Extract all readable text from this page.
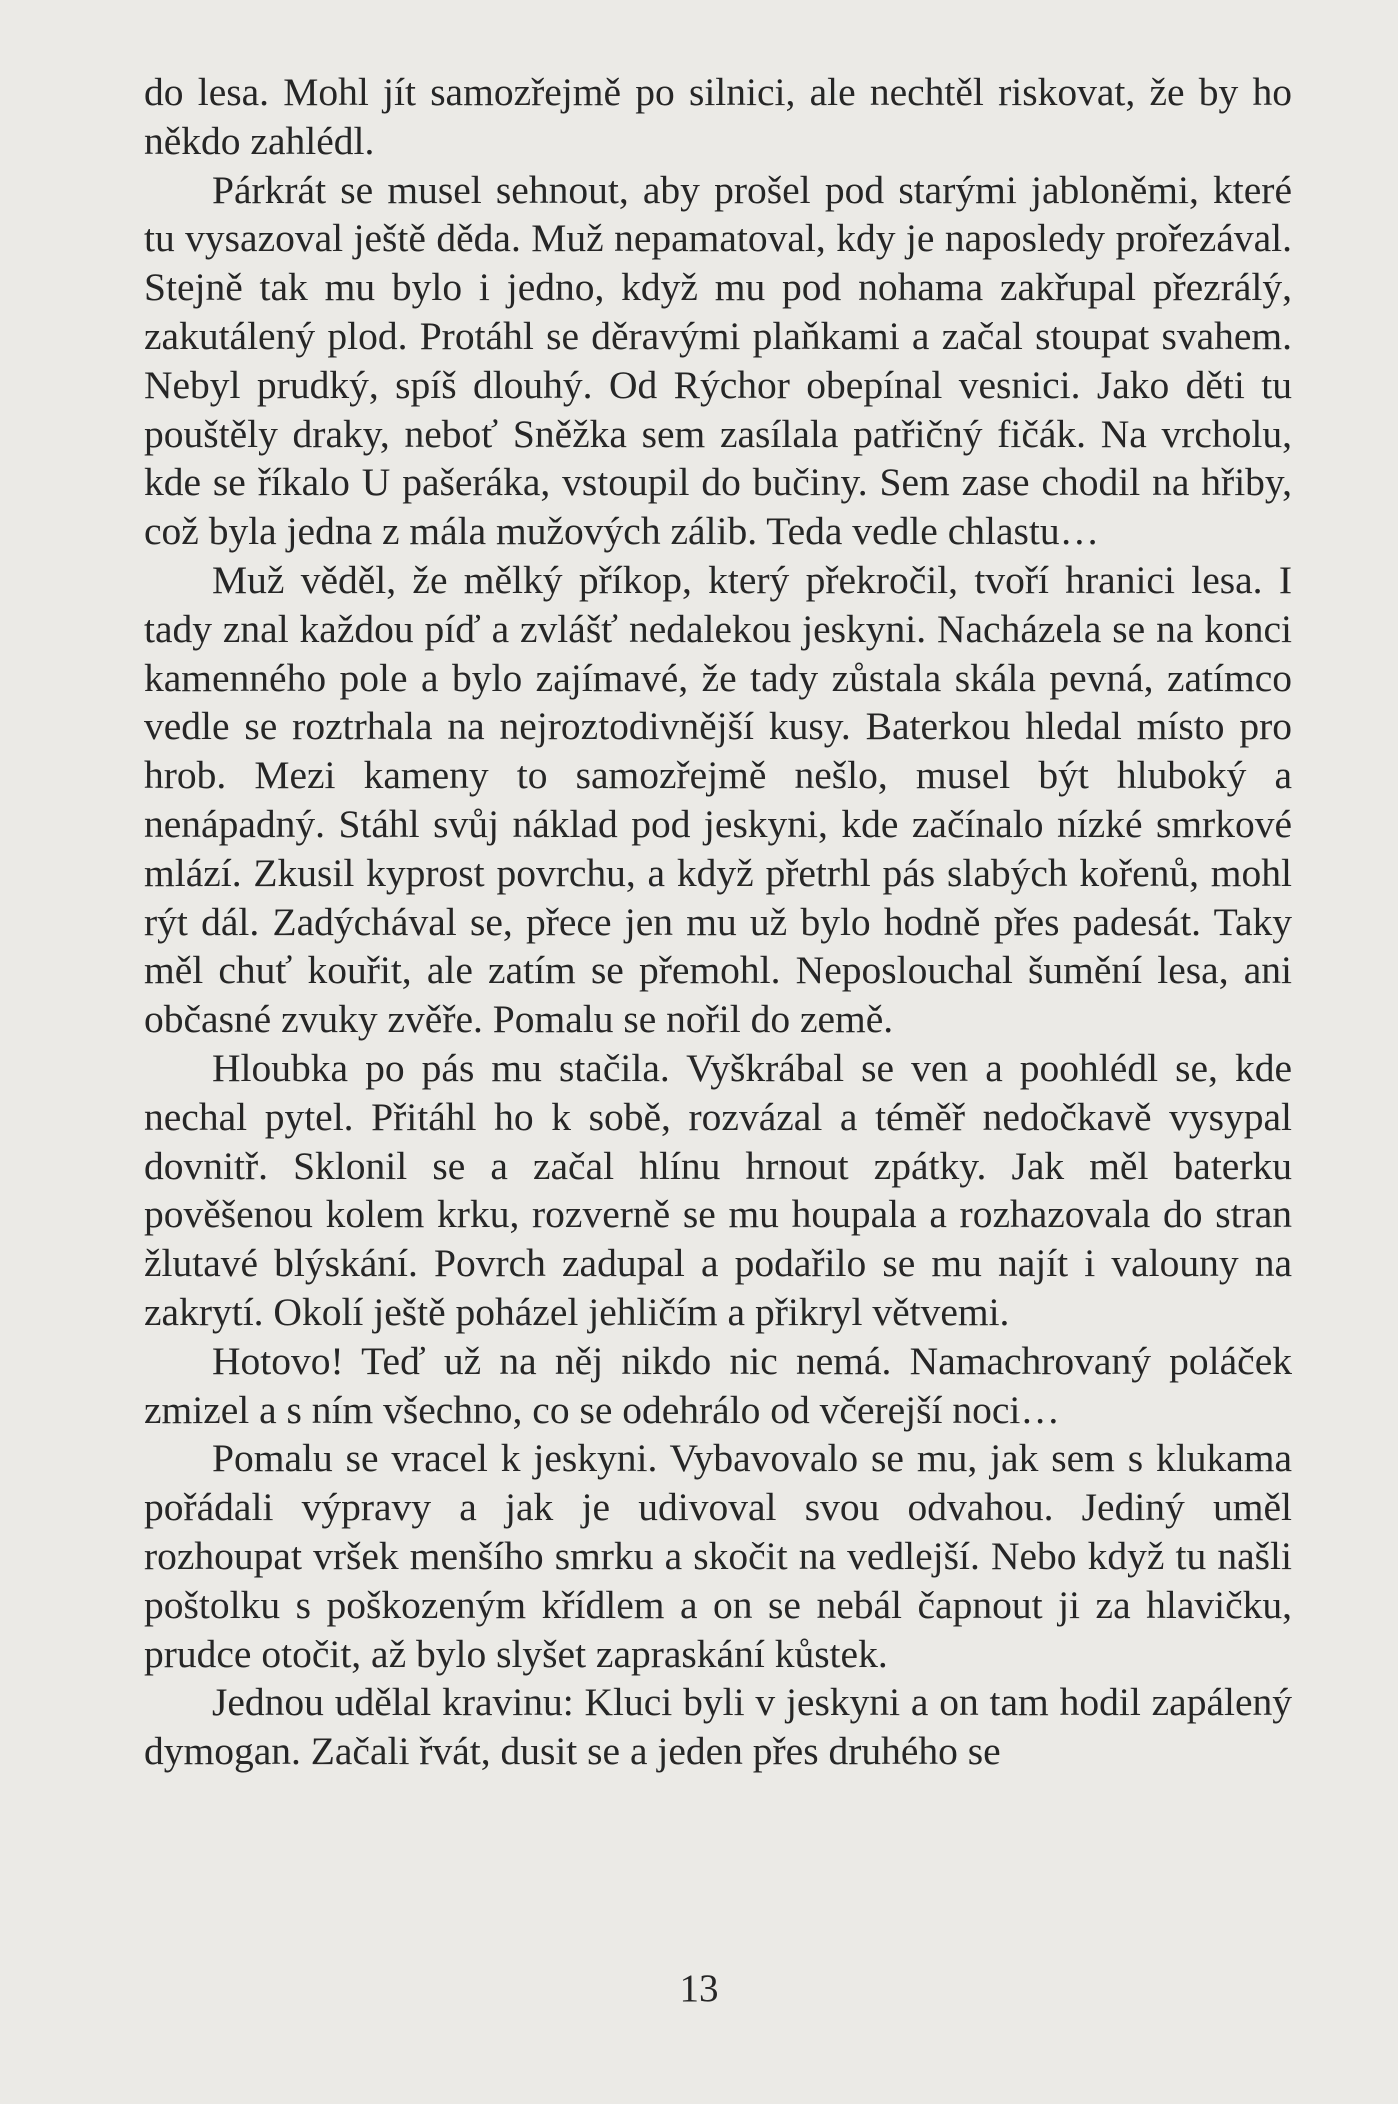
do lesa. Mohl jít samozřejmě po silnici, ale nechtěl riskovat, že by ho někdo zahlédl.

Párkrát se musel sehnout, aby prošel pod starými jabloněmi, které tu vysazoval ještě děda. Muž nepamatoval, kdy je naposledy prořezával. Stejně tak mu bylo i jedno, když mu pod nohama zakřupal přezrálý, zakutálený plod. Protáhl se děravými plaňkami a začal stoupat svahem. Nebyl prudký, spíš dlouhý. Od Rýchor obepínal vesnici. Jako děti tu pouštěly draky, neboť Sněžka sem zasílala patřičný fičák. Na vrcholu, kde se říkalo U pašeráka, vstoupil do bučiny. Sem zase chodil na hřiby, což byla jedna z mála mužových zálib. Teda vedle chlastu…

Muž věděl, že mělký příkop, který překročil, tvoří hranici lesa. I tady znal každou píď a zvlášť nedalekou jeskyni. Nacházela se na konci kamenného pole a bylo zajímavé, že tady zůstala skála pevná, zatímco vedle se roztrhala na nejroztodivnější kusy. Baterkou hledal místo pro hrob. Mezi kameny to samozřejmě nešlo, musel být hluboký a nenápadný. Stáhl svůj náklad pod jeskyni, kde začínalo nízké smrkové mlází. Zkusil kyprost povrchu, a když přetrhl pás slabých kořenů, mohl rýt dál. Zadýchával se, přece jen mu už bylo hodně přes padesát. Taky měl chuť kouřit, ale zatím se přemohl. Neposlouchal šumění lesa, ani občasné zvuky zvěře. Pomalu se nořil do země.

Hloubka po pás mu stačila. Vyškrábal se ven a poohlédl se, kde nechal pytel. Přitáhl ho k sobě, rozvázal a téměř nedočkavě vysypal dovnitř. Sklonil se a začal hlínu hrnout zpátky. Jak měl baterku pověšenou kolem krku, rozverně se mu houpala a rozhazovala do stran žlutavé blýskání. Povrch zadupal a podařilo se mu najít i valouny na zakrytí. Okolí ještě poházel jehličím a přikryl větvemi.

Hotovo! Teď už na něj nikdo nic nemá. Namachrovaný poláček zmizel a s ním všechno, co se odehrálo od včerejší noci…

Pomalu se vracel k jeskyni. Vybavovalo se mu, jak sem s klukama pořádali výpravy a jak je udivoval svou odvahou. Jediný uměl rozhoupat vršek menšího smrku a skočit na vedlejší. Nebo když tu našli poštolku s poškozeným křídlem a on se nebál čapnout ji za hlavičku, prudce otočit, až bylo slyšet zapraskání kůstek.

Jednou udělal kravinu: Kluci byli v jeskyni a on tam hodil zapálený dymogan. Začali řvát, dusit se a jeden přes druhého se

13
